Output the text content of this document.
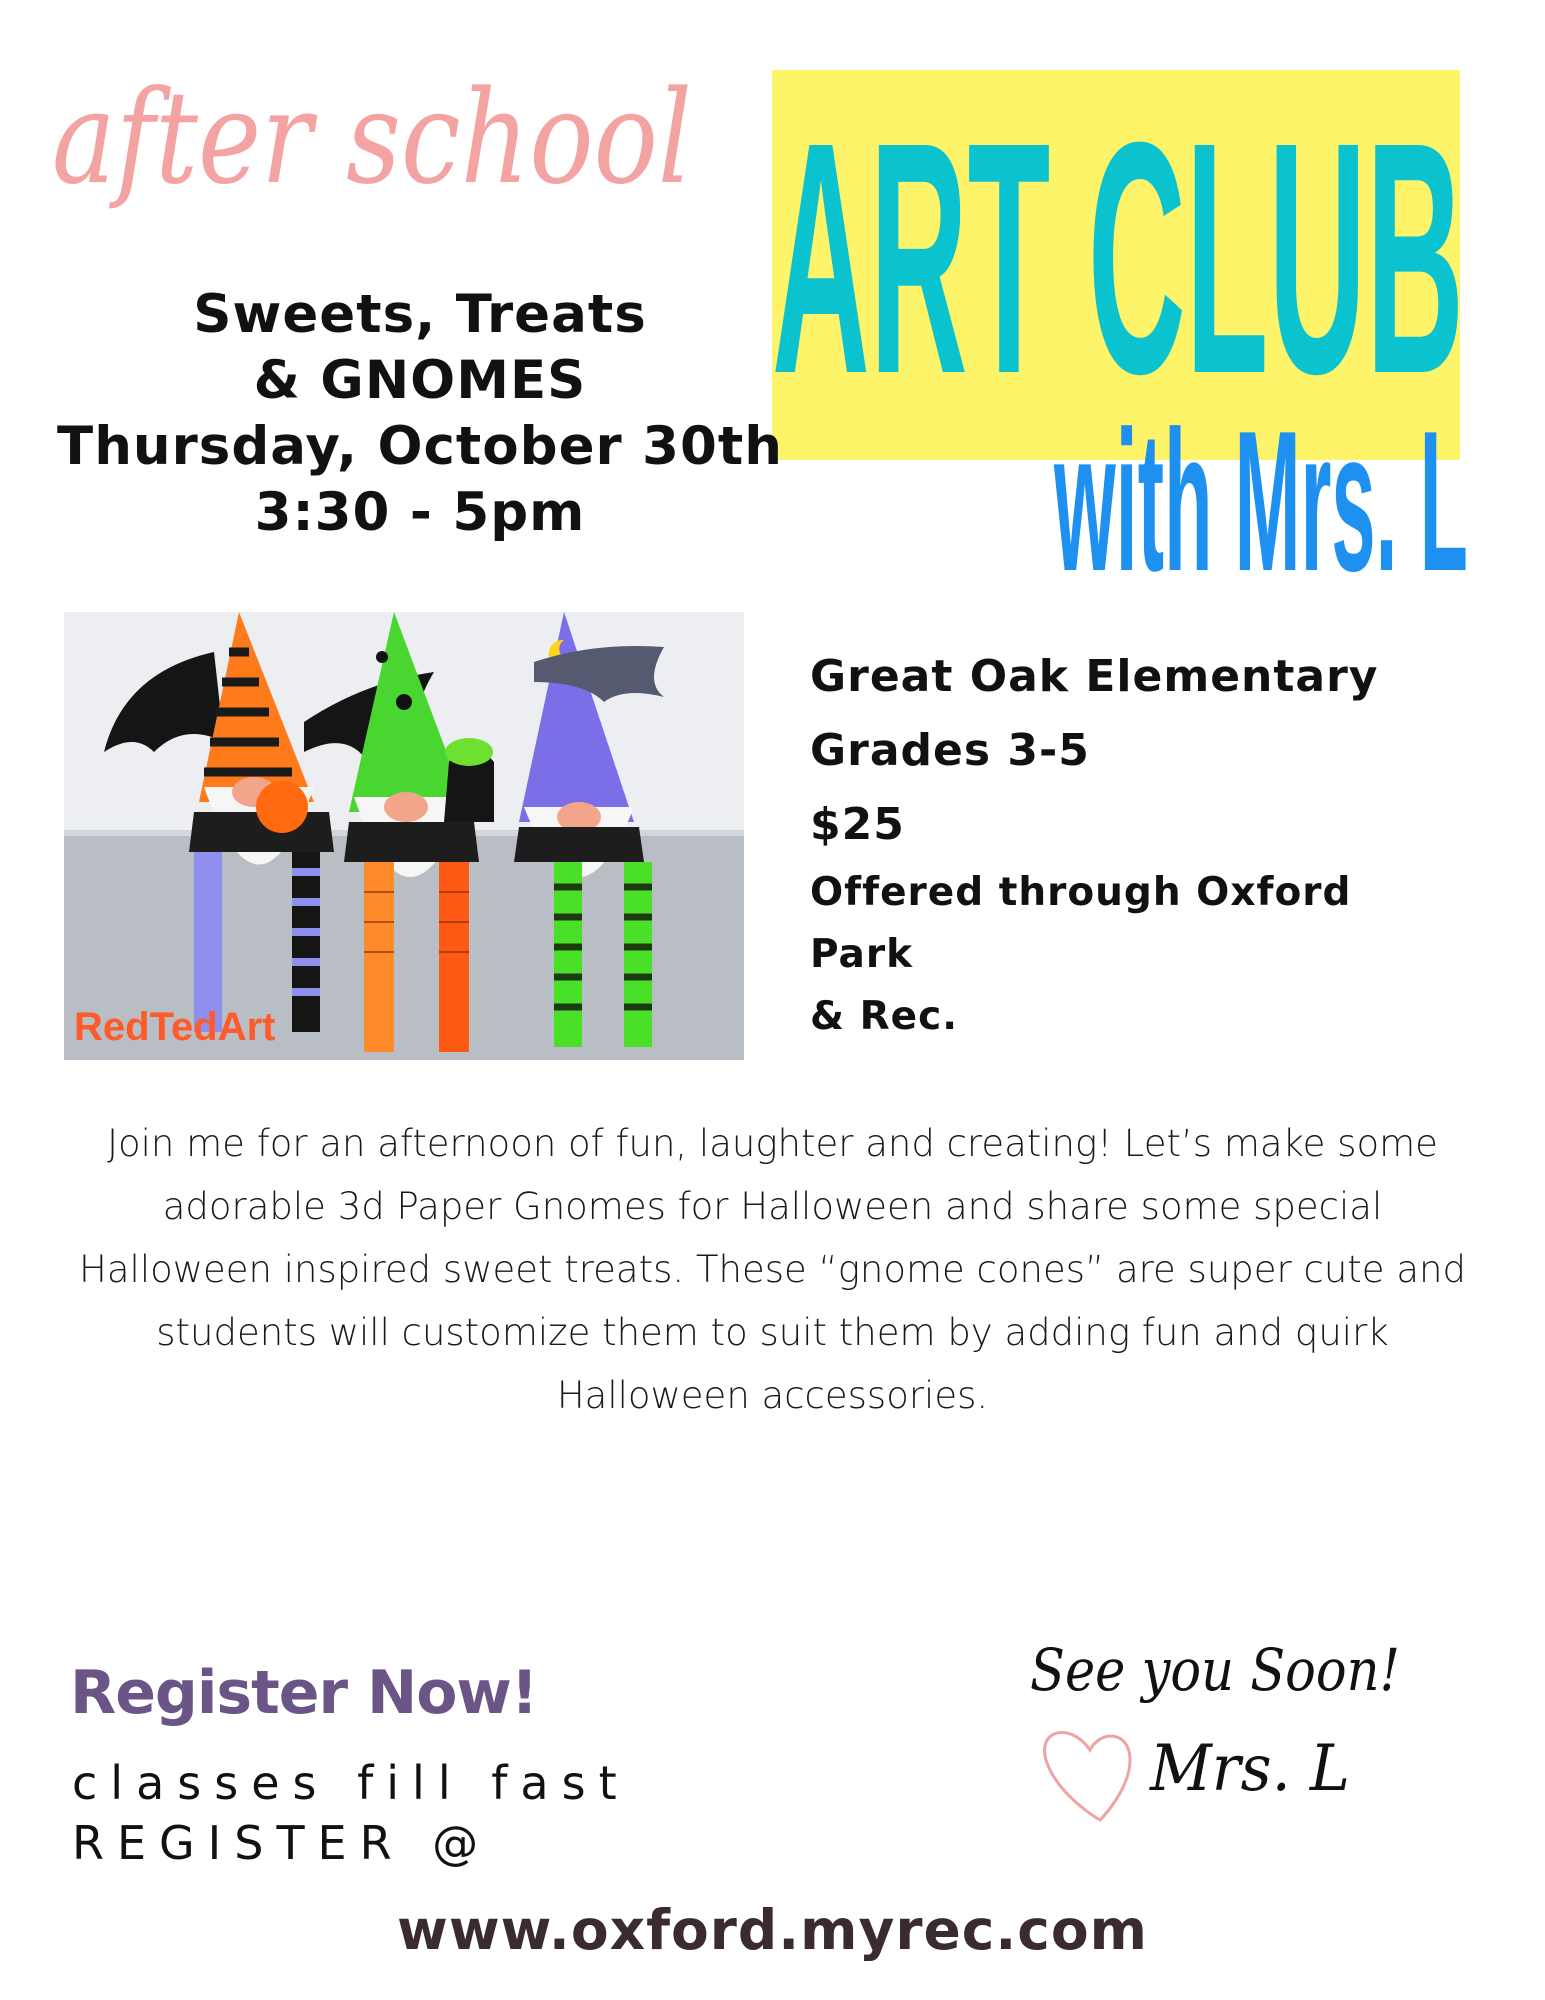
after school ART CLUB
with Mrs. L
Sweets, Treats
& GNOMES
Thursday, October 30th
3:30 - 5pm
RedTedArt
Great Oak Elementary
Grades 3-5
$25
Offered through Oxford Park
& Rec.
Join me for an afternoon of fun, laughter and creating! Let’s make some adorable 3d Paper Gnomes for Halloween and share some special Halloween inspired sweet treats. These “gnome cones” are super cute and students will customize them to suit them by adding fun and quirk Halloween accessories.
Register Now!
classes fill fast
REGISTER @
www.oxford.myrec.com
See you Soon!
Mrs. L
